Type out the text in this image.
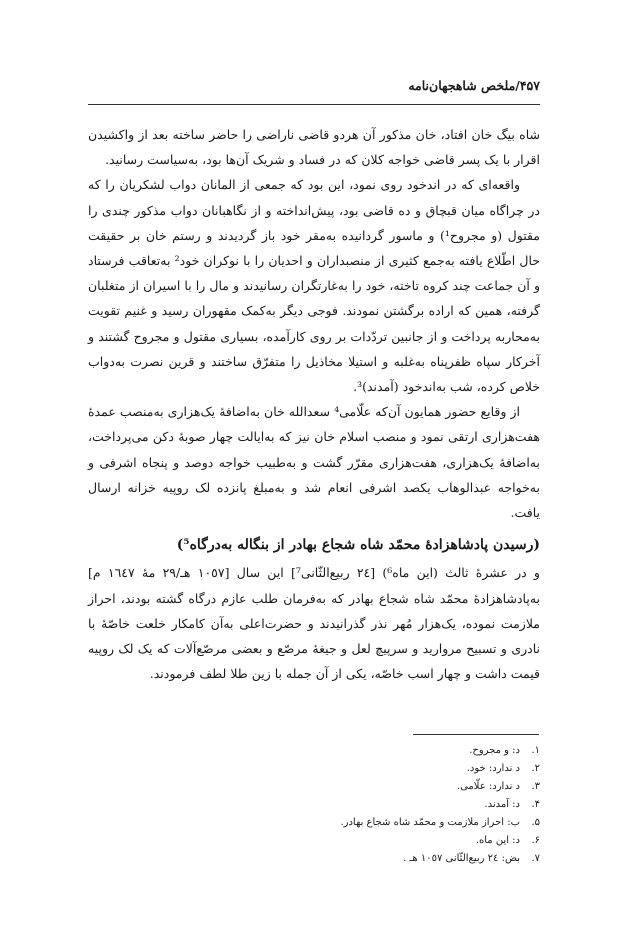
۴۵۷/ملخص شاهجهان‌نامه

شاه بیگ خان افتاد، خان مذکور آن هردو قاضی ناراضی را حاضر ساخته بعد از واکشیدن اقرار با یک پسر قاضی خواجه کلان که در فساد و شریک آن‌ها بود، به‌سیاست رسانید.

واقعه‌ای که در اندخود روی نمود، این بود که جمعی از المانان دواب لشکریان را که در چراگاه میان قبچاق و ده قاضی بود، پیش‌انداخته و از نگاهبانان دواب مذکور چندی را مقتول (و مجروح¹) و ماسور گردانیده به‌مقر خود باز گردیدند و رستم خان بر حقیقت حال اطّلاع یافته به‌جمع کثیری از منصبداران و احدیان را با نوکران خود² به‌تعاقب فرستاد و آن جماعت چند کروه تاخته، خود را به‌غارتگران رسانیدند و مال را با اسیران از متغلبان گرفته، همین که اراده برگشتن نمودند. فوجی دیگر به‌کمک مقهوران رسید و غنیم تقویت به‌محاربه پرداخت و از جانبین تردّدات بر روی کارآمده، بسیاری مقتول و مجروح گشتند و آخرکار سپاه ظفرپناه به‌غلبه و استیلا مخاذیل را متفرّق ساختند و قرین نصرت به‌دواب خلاص کرده، شب به‌اندخود (آمدند)³.

از وقایع حضور همایون آن‌که علّامی⁴ سعدالله خان به‌اضافهٔ یک‌هزاری به‌منصب عمدهٔ هفت‌هزاری ارتقی نمود و منصب اسلام خان نیز که به‌ایالت چهار صوبهٔ دکن می‌پرداخت، به‌اضافهٔ یک‌هزاری، هفت‌هزاری مقرّر گشت و به‌طبیب خواجه دوصد و پنجاه اشرفی و به‌خواجه عبدالوهاب یکصد اشرفی انعام شد و به‌مبلغ پانزده لک روپیه خزانه ارسال یافت.

(رسیدن پادشاهزادهٔ محمّد شاه شجاع بهادر از بنگاله به‌درگاه⁵)

و در عشرهٔ ثالث (این ماه⁶) [٢٤ ربیع‌الثّانی⁷] این سال [١٠٥٧ هـ/٢٩ مهٔ ١٦٤٧ م] به‌پادشاهزادهٔ محمّد شاه شجاع بهادر که به‌فرمان طلب عازم درگاه گشته بودند، احراز ملازمت نموده، یک‌هزار مُهر نذر گذرانیدند و حضرت‌اعلی به‌آن کامکار خلعت خاصّهٔ با نادری و تسبیح مروارید و سرپیچ لعل و جیغهٔ مرصّع و بعضی مرصّع‌آلات که یک لک روپیه قیمت داشت و چهار اسب خاصّه، یکی از آن جمله با زین طلا لطف فرمودند.

١.
د: و مجروح.
٢.
د ندارد: خود.
٣.
د ندارد: علّامی.
۴.
د: آمدند.
۵.
ب: احراز ملازمت و محمّد شاه شجاع بهادر.
۶.
د: این ماه.
٧.
بض: ٢٤ ربیع‌الثّانی ١٠٥٧ هـ .
